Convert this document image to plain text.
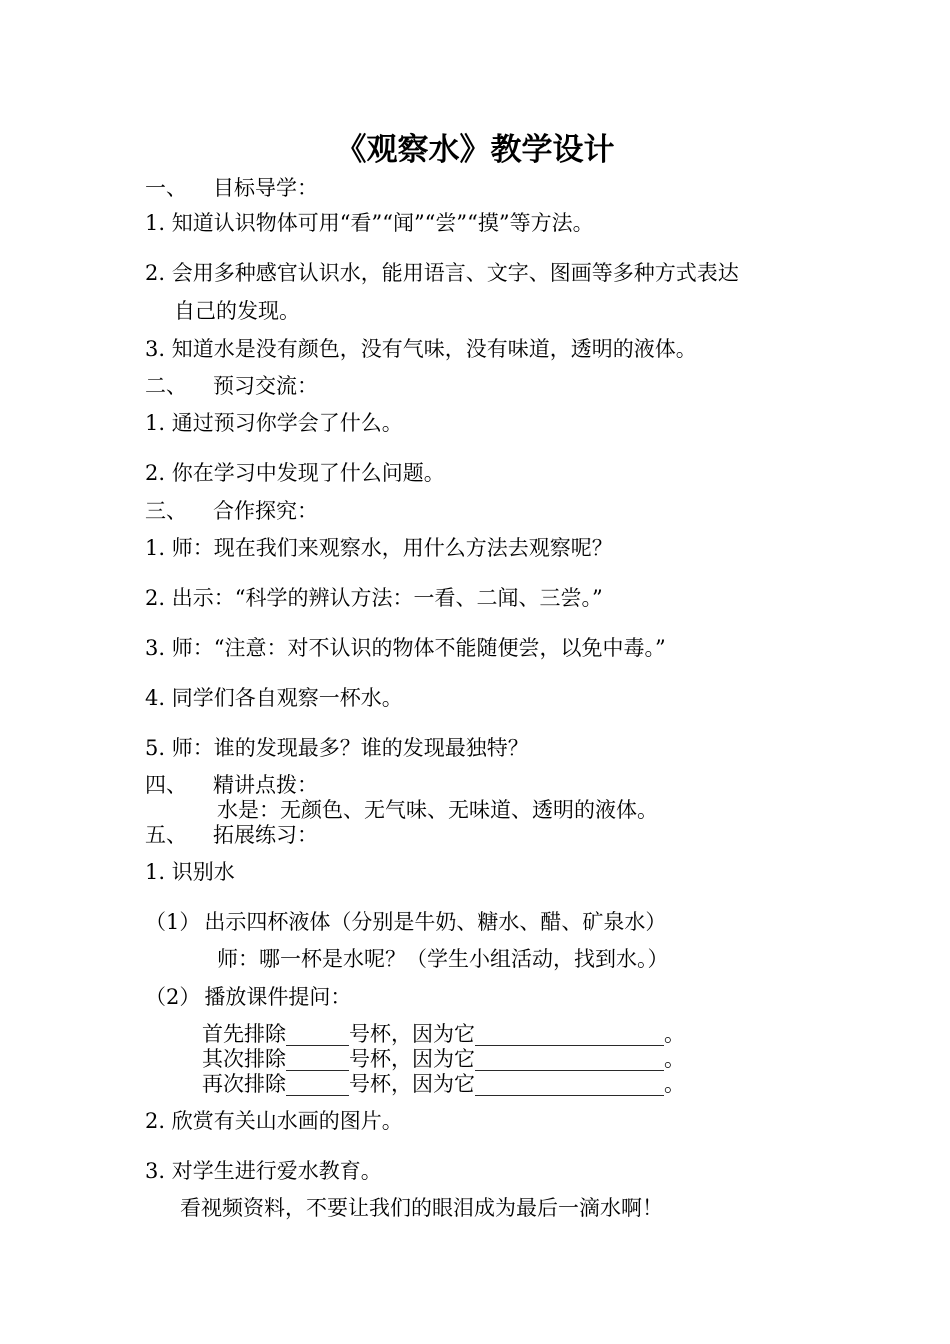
《观察水》教学设计
一、 目标导学：
1. 知道认识物体可用“看”“闻”“尝”“摸”等方法。
2. 会用多种感官认识水，能用语言、文字、图画等多种方式表达
自己的发现。
3. 知道水是没有颜色，没有气味，没有味道，透明的液体。
二、 预习交流：
1. 通过预习你学会了什么。
2. 你在学习中发现了什么问题。
三、 合作探究：
1. 师：现在我们来观察水，用什么方法去观察呢？
2. 出示：“科学的辨认方法：一看、二闻、三尝。”
3. 师：“注意：对不认识的物体不能随便尝，以免中毒。”
4. 同学们各自观察一杯水。
5. 师：谁的发现最多？谁的发现最独特？
四、 精讲点拨：
水是：无颜色、无气味、无味道、透明的液体。
五、 拓展练习：
1. 识别水
（1） 出示四杯液体（分别是牛奶、糖水、醋、矿泉水）
师：哪一杯是水呢？（学生小组活动，找到水。）
（2） 播放课件提问：
首先排除______号杯，因为它__________________。
其次排除______号杯，因为它__________________。
再次排除______号杯，因为它__________________。
2. 欣赏有关山水画的图片。
3. 对学生进行爱水教育。
看视频资料，不要让我们的眼泪成为最后一滴水啊！
